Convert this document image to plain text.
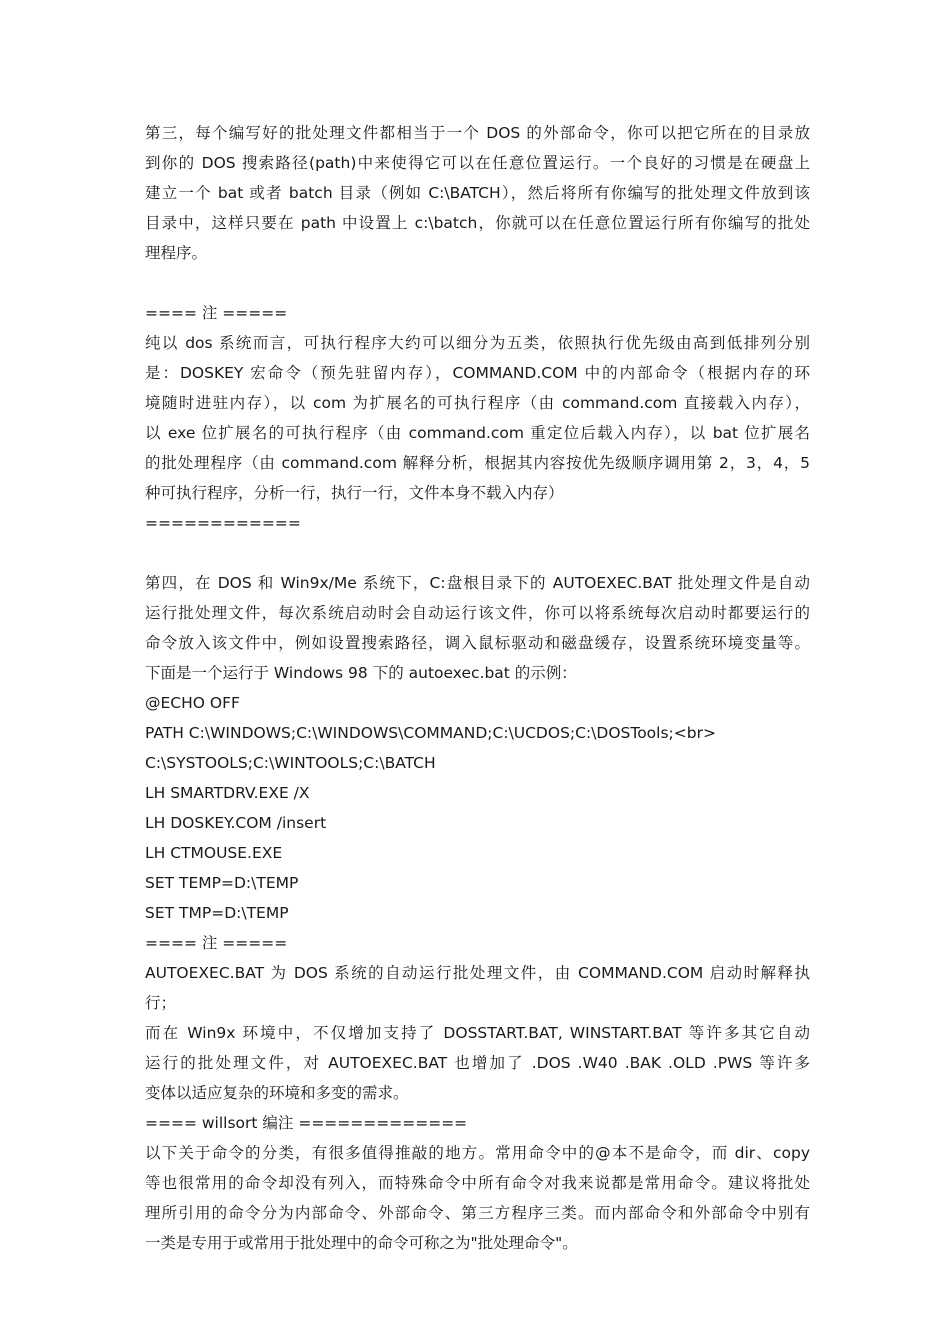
第三，每个编写好的批处理文件都相当于一个 DOS 的外部命令，你可以把它所在的目录放
到你的 DOS 搜索路径(path)中来使得它可以在任意位置运行。一个良好的习惯是在硬盘上
建立一个 bat 或者 batch 目录（例如 C:\BATCH），然后将所有你编写的批处理文件放到该
目录中，这样只要在 path 中设置上 c:\batch，你就可以在任意位置运行所有你编写的批处
理程序。
==== 注 =====
纯以 dos 系统而言，可执行程序大约可以细分为五类，依照执行优先级由高到低排列分别
是：DOSKEY 宏命令（预先驻留内存），COMMAND.COM 中的内部命令（根据内存的环
境随时进驻内存），以 com 为扩展名的可执行程序（由 command.com 直接载入内存），
以 exe 位扩展名的可执行程序（由 command.com 重定位后载入内存），以 bat 位扩展名
的批处理程序（由 command.com 解释分析，根据其内容按优先级顺序调用第 2，3，4，5
种可执行程序，分析一行，执行一行，文件本身不载入内存）
============
第四，在 DOS 和 Win9x/Me 系统下，C:盘根目录下的 AUTOEXEC.BAT 批处理文件是自动
运行批处理文件，每次系统启动时会自动运行该文件，你可以将系统每次启动时都要运行的
命令放入该文件中，例如设置搜索路径，调入鼠标驱动和磁盘缓存，设置系统环境变量等。
下面是一个运行于 Windows 98 下的 autoexec.bat 的示例：
@ECHO OFF
PATH C:\WINDOWS;C:\WINDOWS\COMMAND;C:\UCDOS;C:\DOSTools;<br>
C:\SYSTOOLS;C:\WINTOOLS;C:\BATCH
LH SMARTDRV.EXE /X
LH DOSKEY.COM /insert
LH CTMOUSE.EXE
SET TEMP=D:\TEMP
SET TMP=D:\TEMP
==== 注 =====
AUTOEXEC.BAT 为 DOS 系统的自动运行批处理文件，由 COMMAND.COM 启动时解释执
行；
而在 Win9x 环境中，不仅增加支持了 DOSSTART.BAT, WINSTART.BAT 等许多其它自动
运行的批处理文件，对 AUTOEXEC.BAT 也增加了 .DOS .W40 .BAK .OLD .PWS 等许多
变体以适应复杂的环境和多变的需求。
==== willsort 编注 =============
以下关于命令的分类，有很多值得推敲的地方。常用命令中的@本不是命令，而 dir、copy
等也很常用的命令却没有列入，而特殊命令中所有命令对我来说都是常用命令。建议将批处
理所引用的命令分为内部命令、外部命令、第三方程序三类。而内部命令和外部命令中别有
一类是专用于或常用于批处理中的命令可称之为"批处理命令"。
